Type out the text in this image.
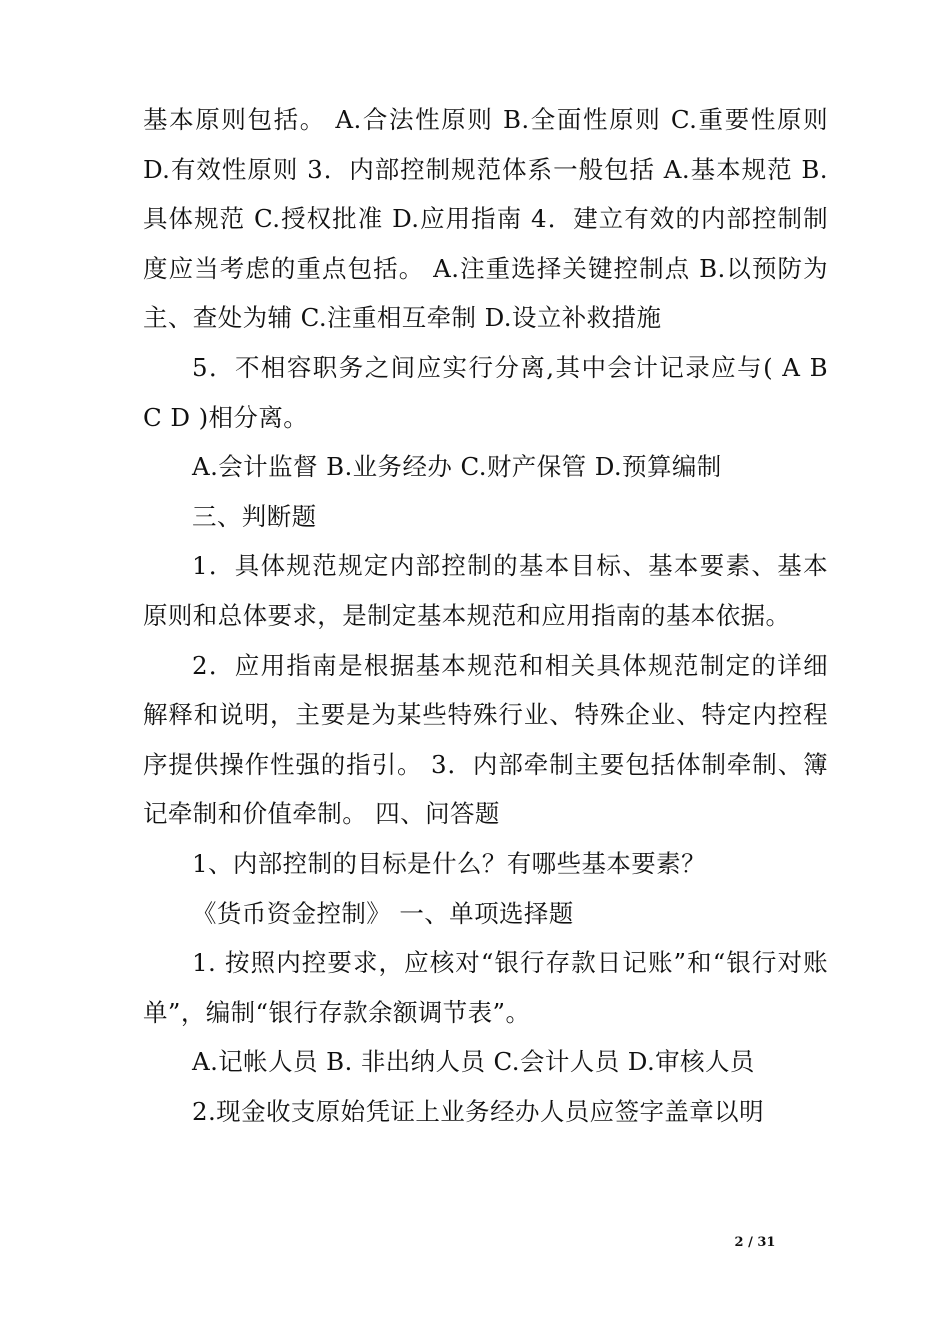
基本原则包括。 A.合法性原则 B.全面性原则 C.重要性原则 D.有效性原则 3．内部控制规范体系一般包括 A.基本规范 B.具体规范 C.授权批准 D.应用指南 4．建立有效的内部控制制度应当考虑的重点包括。 A.注重选择关键控制点 B.以预防为主、查处为辅 C.注重相互牵制 D.设立补救措施

5．不相容职务之间应实行分离,其中会计记录应与( A B C D )相分离。

A.会计监督 B.业务经办 C.财产保管 D.预算编制

三、判断题

1．具体规范规定内部控制的基本目标、基本要素、基本原则和总体要求，是制定基本规范和应用指南的基本依据。

2．应用指南是根据基本规范和相关具体规范制定的详细解释和说明，主要是为某些特殊行业、特殊企业、特定内控程序提供操作性强的指引。 3．内部牵制主要包括体制牵制、簿记牵制和价值牵制。 四、问答题

1、内部控制的目标是什么？有哪些基本要素？

《货币资金控制》 一、单项选择题

1. 按照内控要求，应核对“银行存款日记账”和“银行对账单”，编制“银行存款余额调节表”。

A.记帐人员 B. 非出纳人员 C.会计人员 D.审核人员

2.现金收支原始凭证上业务经办人员应签字盖章以明

2 / 31
